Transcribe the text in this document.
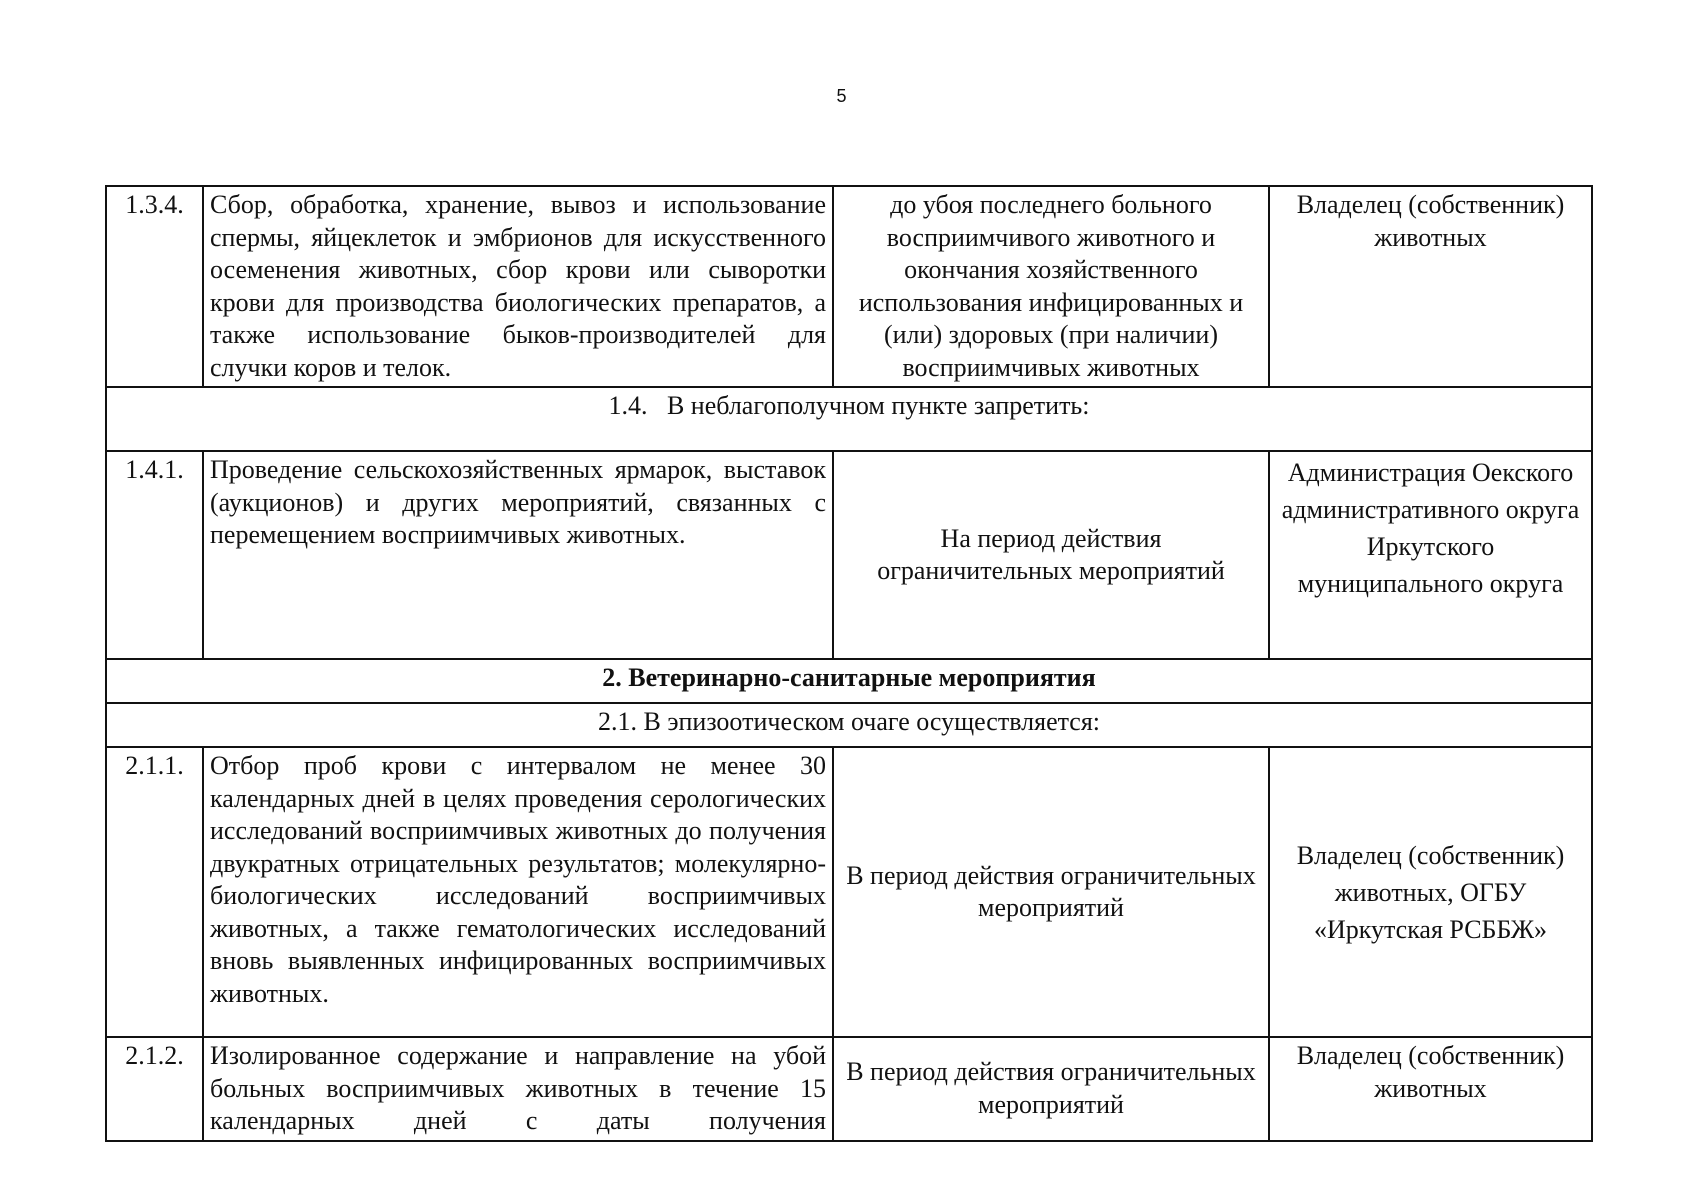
5
1.3.4.	Сбор, обработка, хранение, вывоз и использование спермы, яйцеклеток и эмбрионов для искусственного осеменения животных, сбор крови или сыворотки крови для производства биологических препаратов, а также использование быков-производителей для случки коров и телок.	до убоя последнего больного восприимчивого животного и окончания хозяйственного использования инфицированных и (или) здоровых (при наличии) восприимчивых животных	Владелец (собственник) животных
1.4.   В неблагополучном пункте запретить:			
1.4.1.	Проведение сельскохозяйственных ярмарок, выставок (аукционов) и других мероприятий, связанных с перемещением восприимчивых животных.	На период действия ограничительных мероприятий	Администрация Оекского административного округа Иркутского муниципального округа
2. Ветеринарно-санитарные мероприятия			
2.1. В эпизоотическом очаге осуществляется:			
2.1.1.	Отбор проб крови с интервалом не менее 30 календарных дней в целях проведения серологических исследований восприимчивых животных до получения двукратных отрицательных результатов; молекулярно-биологических исследований восприимчивых животных, а также гематологических исследований вновь выявленных инфицированных восприимчивых животных.	В период действия ограничительных мероприятий	Владелец (собственник) животных, ОГБУ «Иркутская РСББЖ»
2.1.2.	Изолированное содержание и направление на убой больных восприимчивых животных в течение 15 календарных дней с даты получения	В период действия ограничительных мероприятий	Владелец (собственник) животных
